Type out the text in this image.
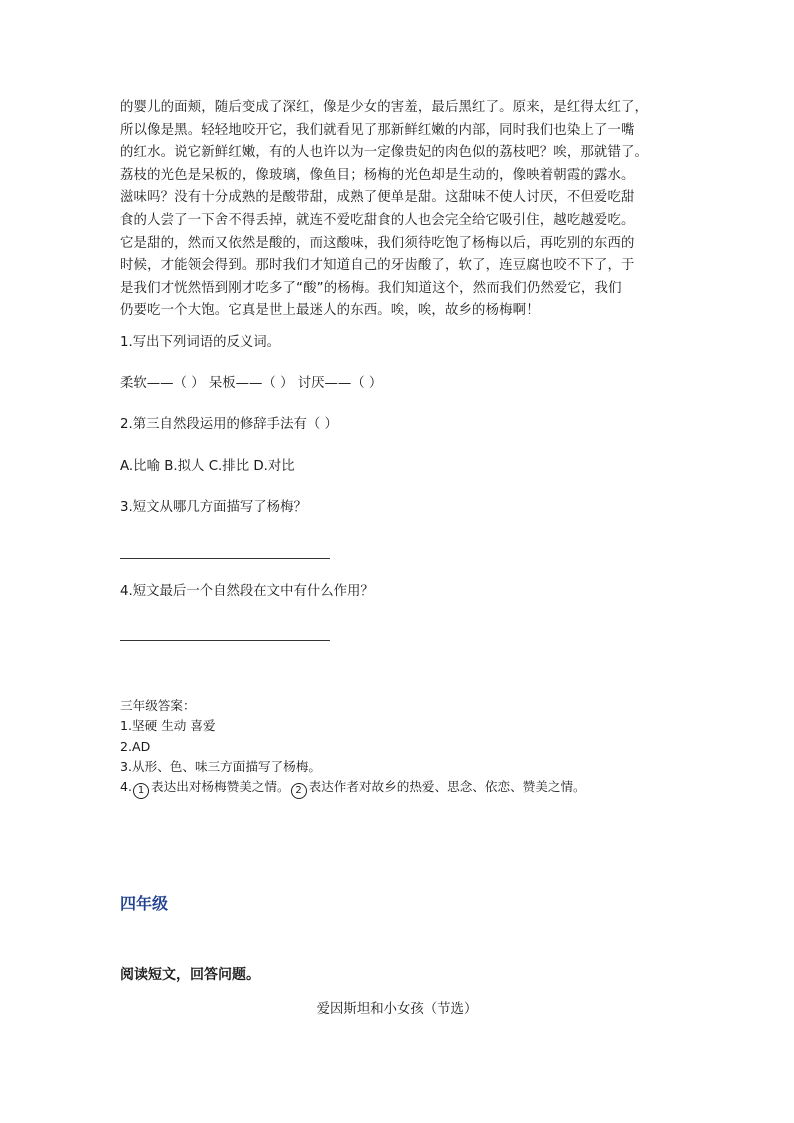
的婴儿的面颊，随后变成了深红，像是少女的害羞，最后黑红了。原来，是红得太红了，
所以像是黑。轻轻地咬开它，我们就看见了那新鲜红嫩的内部，同时我们也染上了一嘴
的红水。说它新鲜红嫩，有的人也许以为一定像贵妃的肉色似的荔枝吧？唉，那就错了。
荔枝的光色是呆板的，像玻璃，像鱼目；杨梅的光色却是生动的，像映着朝霞的露水。
滋味吗？没有十分成熟的是酸带甜，成熟了便单是甜。这甜味不使人讨厌，不但爱吃甜
食的人尝了一下舍不得丢掉，就连不爱吃甜食的人也会完全给它吸引住，越吃越爱吃。
它是甜的，然而又依然是酸的，而这酸味，我们须待吃饱了杨梅以后，再吃别的东西的
时候，才能领会得到。那时我们才知道自己的牙齿酸了，软了，连豆腐也咬不下了，于
是我们才恍然悟到刚才吃多了“酸”的杨梅。我们知道这个，然而我们仍然爱它，我们
仍要吃一个大饱。它真是世上最迷人的东西。唉，唉，故乡的杨梅啊！

1.写出下列词语的反义词。

柔软——（ ） 呆板——（ ） 讨厌——（ ）

2.第三自然段运用的修辞手法有（ ）

A.比喻 B.拟人 C.排比 D.对比

3.短文从哪几方面描写了杨梅？

4.短文最后一个自然段在文中有什么作用？

三年级答案：

1.坚硬 生动 喜爱

2.AD

3.从形、色、味三方面描写了杨梅。

4. 1 表达出对杨梅赞美之情。 2 表达作者对故乡的热爱、思念、依恋、赞美之情。

四年级

阅读短文，回答问题。

爱因斯坦和小女孩（节选）
